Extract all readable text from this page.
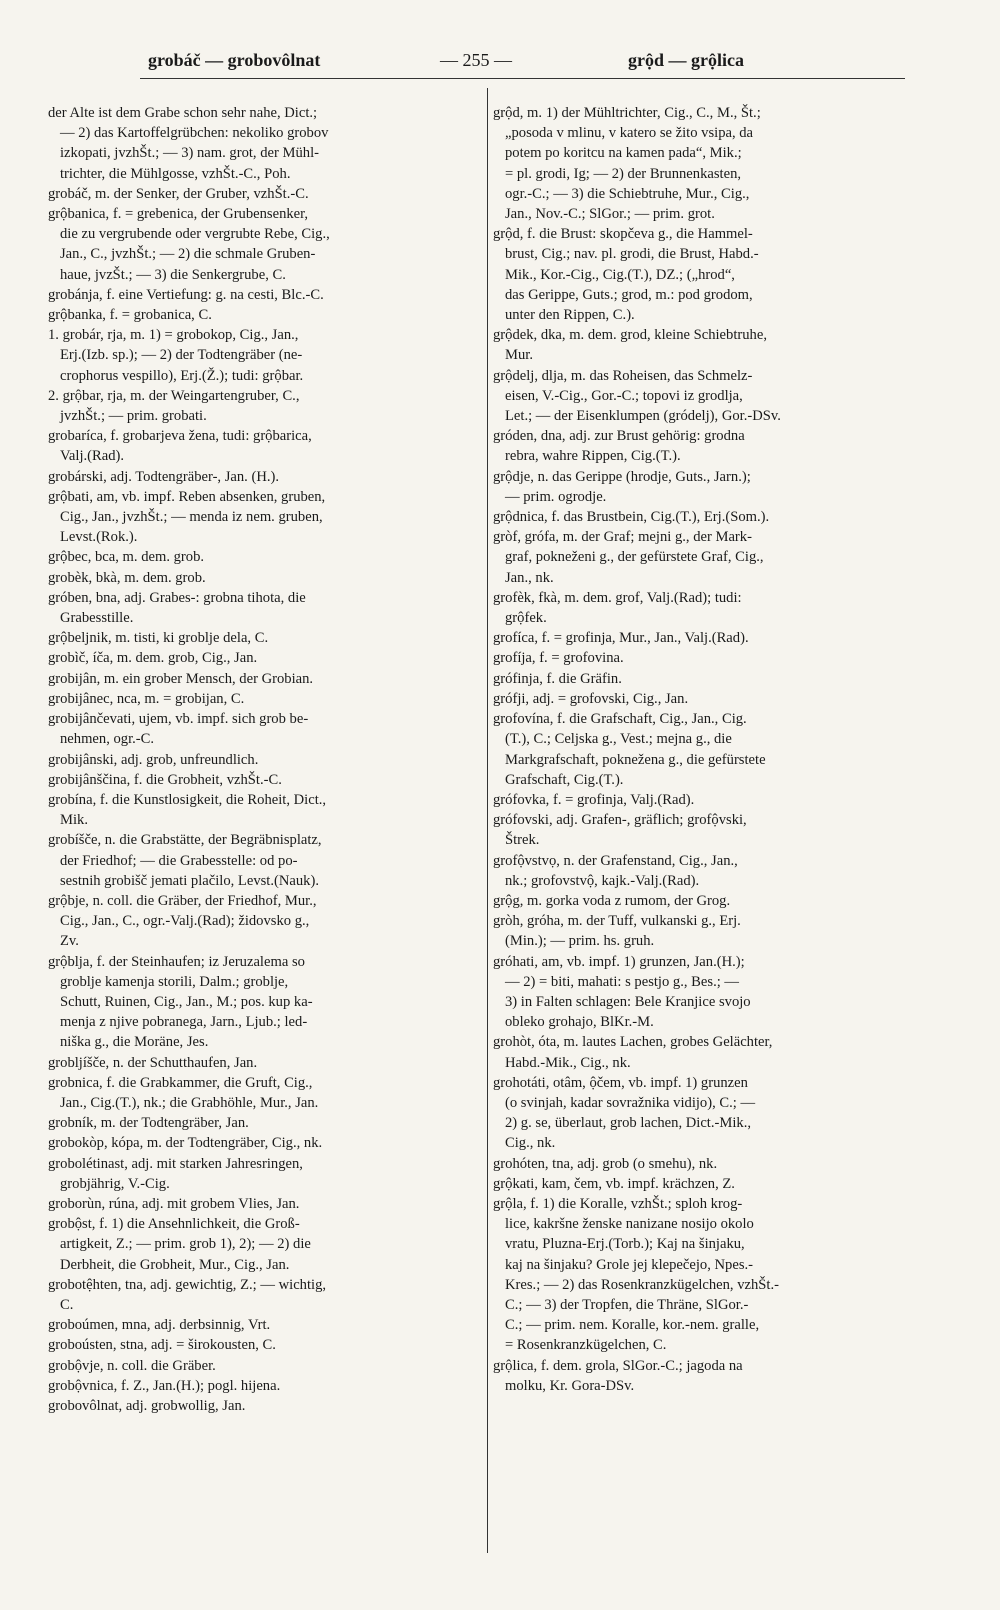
grobáč — grobovôlnat	— 255 —	grộd — grộlica
der Alte ist dem Grabe schon sehr nahe, Dict.;
— 2) das Kartoffelgrübchen: nekoliko grobov
izkopati, jvzhŠt.; — 3) nam. grot, der Mühl-
trichter, die Mühlgosse, vzhŠt.-C., Poh.
grobáč, m. der Senker, der Gruber, vzhŠt.-C.
grộbanica, f. = grebenica, der Grubensenker,
die zu vergrubende oder vergrubte Rebe, Cig.,
Jan., C., jvzhŠt.; — 2) die schmale Gruben-
haue, jvzŠt.; — 3) die Senkergrube, C.
grobánja, f. eine Vertiefung: g. na cesti, Blc.-C.
grộbanka, f. = grobanica, C.
1. grobár, rja, m. 1) = grobokop, Cig., Jan.,
Erj.(Izb. sp.); — 2) der Todtengräber (ne-
crophorus vespillo), Erj.(Ž.); tudi: grộbar.
2. grộbar, rja, m. der Weingartengruber, C.,
jvzhŠt.; — prim. grobati.
grobaríca, f. grobarjeva žena, tudi: grộbarica,
Valj.(Rad).
grobárski, adj. Todtengräber-, Jan. (H.).
grộbati, am, vb. impf. Reben absenken, gruben,
Cig., Jan., jvzhŠt.; — menda iz nem. gruben,
Levst.(Rok.).
grộbec, bca, m. dem. grob.
grobèk, bkà, m. dem. grob.
gróben, bna, adj. Grabes-: grobna tihota, die
Grabesstille.
grộbeljnik, m. tisti, ki groblje dela, C.
grobìč, íča, m. dem. grob, Cig., Jan.
grobijân, m. ein grober Mensch, der Grobian.
grobijânec, nca, m. = grobijan, C.
grobijânčevati, ujem, vb. impf. sich grob be-
nehmen, ogr.-C.
grobijânski, adj. grob, unfreundlich.
grobijânščina, f. die Grobheit, vzhŠt.-C.
grobína, f. die Kunstlosigkeit, die Roheit, Dict.,
Mik.
grobíšče, n. die Grabstätte, der Begräbnisplatz,
der Friedhof; — die Grabesstelle: od po-
sestnih grobišč jemati plačilo, Levst.(Nauk).
grộbje, n. coll. die Gräber, der Friedhof, Mur.,
Cig., Jan., C., ogr.-Valj.(Rad); židovsko g.,
Zv.
grộblja, f. der Steinhaufen; iz Jeruzalema so
groblje kamenja storili, Dalm.; groblje,
Schutt, Ruinen, Cig., Jan., M.; pos. kup ka-
menja z njive pobranega, Jarn., Ljub.; led-
niška g., die Moräne, Jes.
grobljíšče, n. der Schutthaufen, Jan.
grobnica, f. die Grabkammer, die Gruft, Cig.,
Jan., Cig.(T.), nk.; die Grabhöhle, Mur., Jan.
grobník, m. der Todtengräber, Jan.
grobokòp, kópa, m. der Todtengräber, Cig., nk.
grobolétinast, adj. mit starken Jahresringen,
grobjährig, V.-Cig.
groborùn, rúna, adj. mit grobem Vlies, Jan.
grobộst, f. 1) die Ansehnlichkeit, die Groß-
artigkeit, Z.; — prim. grob 1), 2); — 2) die
Derbheit, die Grobheit, Mur., Cig., Jan.
grobotệhten, tna, adj. gewichtig, Z.; — wichtig,
C.
groboúmen, mna, adj. derbsinnig, Vrt.
groboústen, stna, adj. = širokousten, C.
grobộvje, n. coll. die Gräber.
grobộvnica, f. Z., Jan.(H.); pogl. hijena.
grobovôlnat, adj. grobwollig, Jan.
grộd, m. 1) der Mühltrichter, Cig., C., M., Št.;
„posoda v mlinu, v katero se žito vsipa, da
potem po koritcu na kamen pada“, Mik.;
= pl. grodi, Ig; — 2) der Brunnenkasten,
ogr.-C.; — 3) die Schiebtruhe, Mur., Cig.,
Jan., Nov.-C.; SlGor.; — prim. grot.
grộd, f. die Brust: skopčeva g., die Hammel-
brust, Cig.; nav. pl. grodi, die Brust, Habd.-
Mik., Kor.-Cig., Cig.(T.), DZ.; („hrod“,
das Gerippe, Guts.; grod, m.: pod grodom,
unter den Rippen, C.).
grộdek, dka, m. dem. grod, kleine Schiebtruhe,
Mur.
grộdelj, dlja, m. das Roheisen, das Schmelz-
eisen, V.-Cig., Gor.-C.; topovi iz grodlja,
Let.; — der Eisenklumpen (gródelj), Gor.-DSv.
gróden, dna, adj. zur Brust gehörig: grodna
rebra, wahre Rippen, Cig.(T.).
grộdje, n. das Gerippe (hrodje, Guts., Jarn.);
— prim. ogrodje.
grộdnica, f. das Brustbein, Cig.(T.), Erj.(Som.).
gròf, grófa, m. der Graf; mejni g., der Mark-
graf, pokneženi g., der gefürstete Graf, Cig.,
Jan., nk.
grofèk, fkà, m. dem. grof, Valj.(Rad); tudi:
grộfek.
grofíca, f. = grofinja, Mur., Jan., Valj.(Rad).
grofíja, f. = grofovina.
grófinja, f. die Gräfin.
grófji, adj. = grofovski, Cig., Jan.
grofovína, f. die Grafschaft, Cig., Jan., Cig.
(T.), C.; Celjska g., Vest.; mejna g., die
Markgrafschaft, pokneženа g., die gefürstete
Grafschaft, Cig.(T.).
grófovka, f. = grofinja, Valj.(Rad).
grófovski, adj. Grafen-, gräflich; grofộvski,
Štrek.
grofộvstvọ, n. der Grafenstand, Cig., Jan.,
nk.; grofovstvộ, kajk.-Valj.(Rad).
grộg, m. gorka voda z rumom, der Grog.
gròh, gróha, m. der Tuff, vulkanski g., Erj.
(Min.); — prim. hs. gruh.
gróhati, am, vb. impf. 1) grunzen, Jan.(H.);
— 2) = biti, mahati: s pestjo g., Bes.; —
3) in Falten schlagen: Bele Kranjice svojo
obleko grohajo, BlKr.-M.
grohòt, óta, m. lautes Lachen, grobes Gelächter,
Habd.-Mik., Cig., nk.
grohotáti, otâm, ộčem, vb. impf. 1) grunzen
(o svinjah, kadar sovražnika vidijo), C.; —
2) g. se, überlaut, grob lachen, Dict.-Mik.,
Cig., nk.
grohóten, tna, adj. grob (o smehu), nk.
grộkati, kam, čem, vb. impf. krächzen, Z.
grộla, f. 1) die Koralle, vzhŠt.; sploh krog-
lice, kakršne ženske nanizane nosijo okolo
vratu, Pluzna-Erj.(Torb.); Kaj na šinjaku,
kaj na šinjaku? Grole jej klepečejo, Npes.-
Kres.; — 2) das Rosenkranzkügelchen, vzhŠt.-
C.; — 3) der Tropfen, die Thräne, SlGor.-
C.; — prim. nem. Koralle, kor.-nem. gralle,
= Rosenkranzkügelchen, C.
grộlica, f. dem. grola, SlGor.-C.; jagoda na
molku, Kr. Gora-DSv.
